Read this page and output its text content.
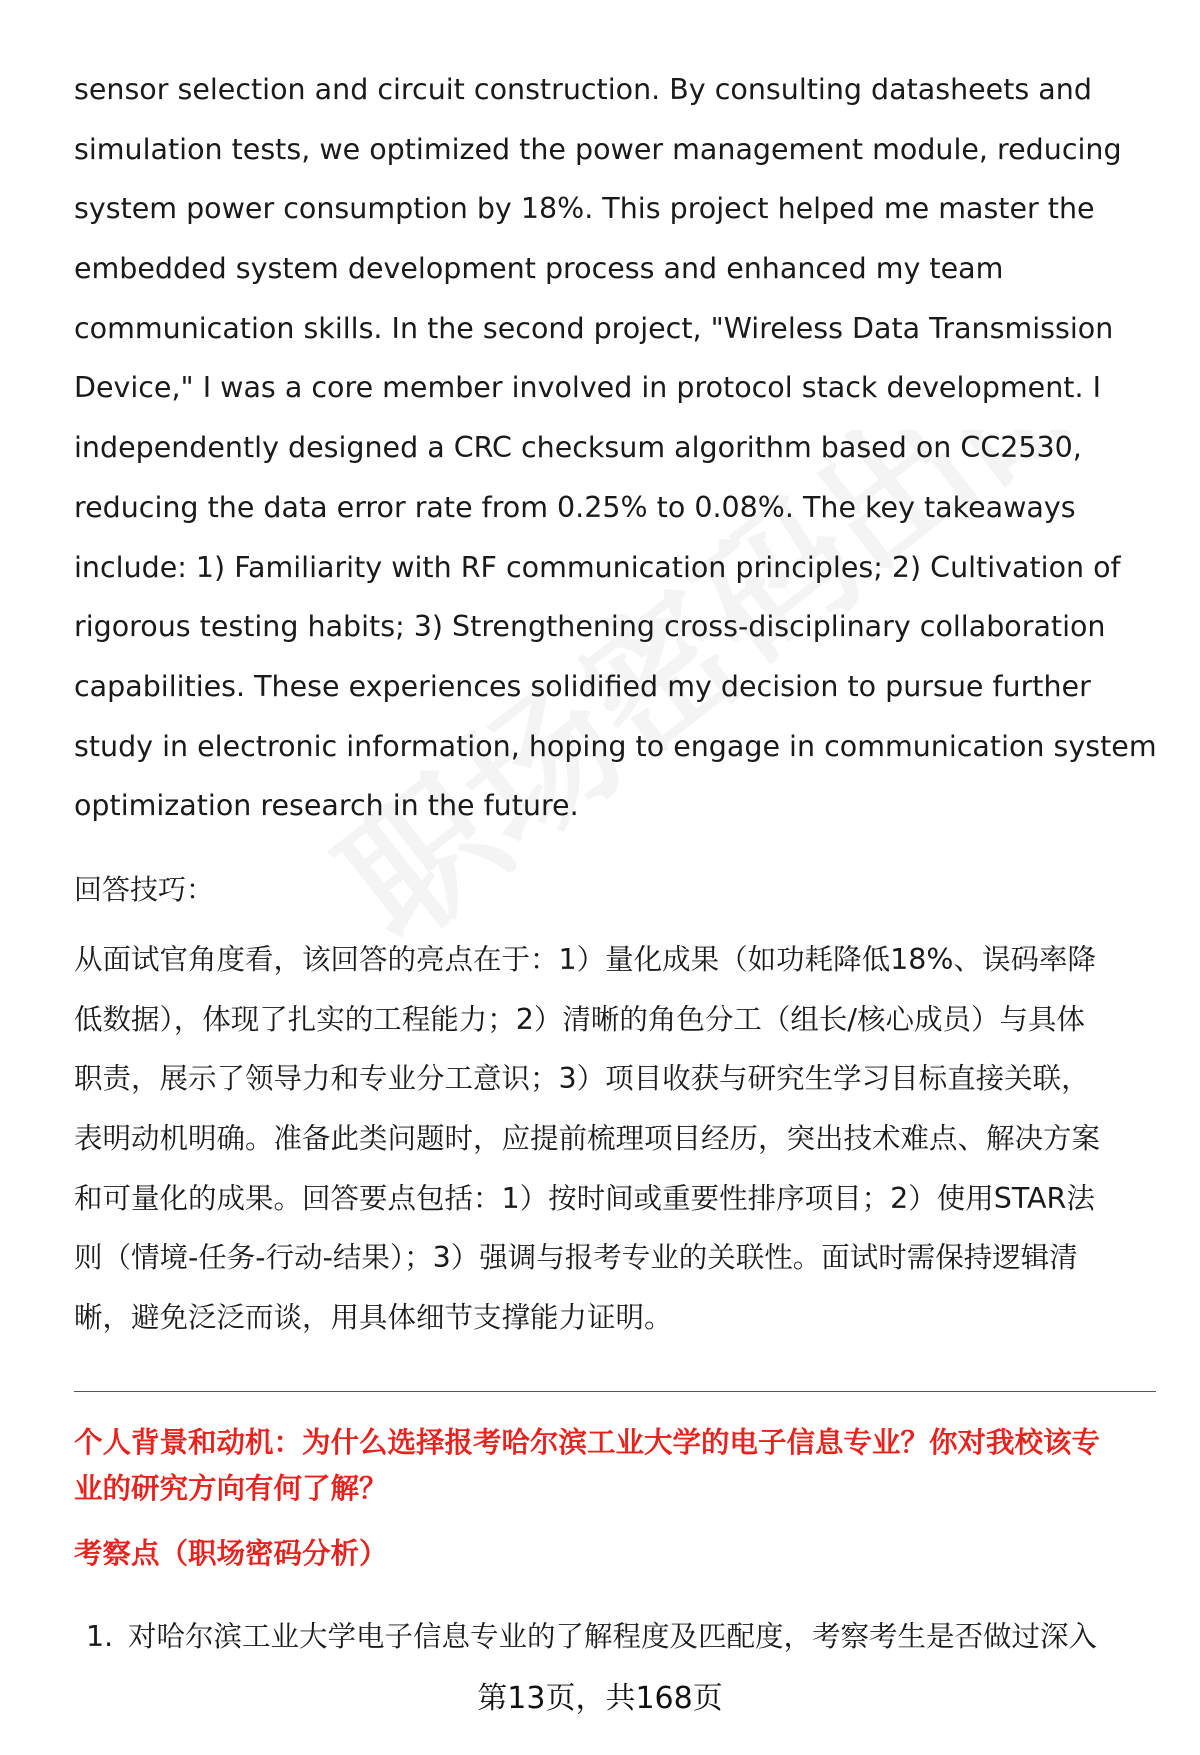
sensor selection and circuit construction. By consulting datasheets and
simulation tests, we optimized the power management module, reducing
system power consumption by 18%. This project helped me master the
embedded system development process and enhanced my team
communication skills. In the second project, "Wireless Data Transmission
Device," I was a core member involved in protocol stack development. I
independently designed a CRC checksum algorithm based on CC2530,
reducing the data error rate from 0.25% to 0.08%. The key takeaways
include: 1) Familiarity with RF communication principles; 2) Cultivation of
rigorous testing habits; 3) Strengthening cross-disciplinary collaboration
capabilities. These experiences solidified my decision to pursue further
study in electronic information, hoping to engage in communication system
optimization research in the future.
回答技巧：
从面试官角度看，该回答的亮点在于：1）量化成果（如功耗降低18%、误码率降
低数据），体现了扎实的工程能力；2）清晰的角色分工（组长/核心成员）与具体
职责，展示了领导力和专业分工意识；3）项目收获与研究生学习目标直接关联，
表明动机明确。准备此类问题时，应提前梳理项目经历，突出技术难点、解决方案
和可量化的成果。回答要点包括：1）按时间或重要性排序项目；2）使用STAR法
则（情境-任务-行动-结果）；3）强调与报考专业的关联性。面试时需保持逻辑清
晰，避免泛泛而谈，用具体细节支撑能力证明。
个人背景和动机：为什么选择报考哈尔滨工业大学的电子信息专业？你对我校该专
业的研究方向有何了解？
考察点（职场密码分析）
1. 对哈尔滨工业大学电子信息专业的了解程度及匹配度，考察考生是否做过深入
第13页，共168页
